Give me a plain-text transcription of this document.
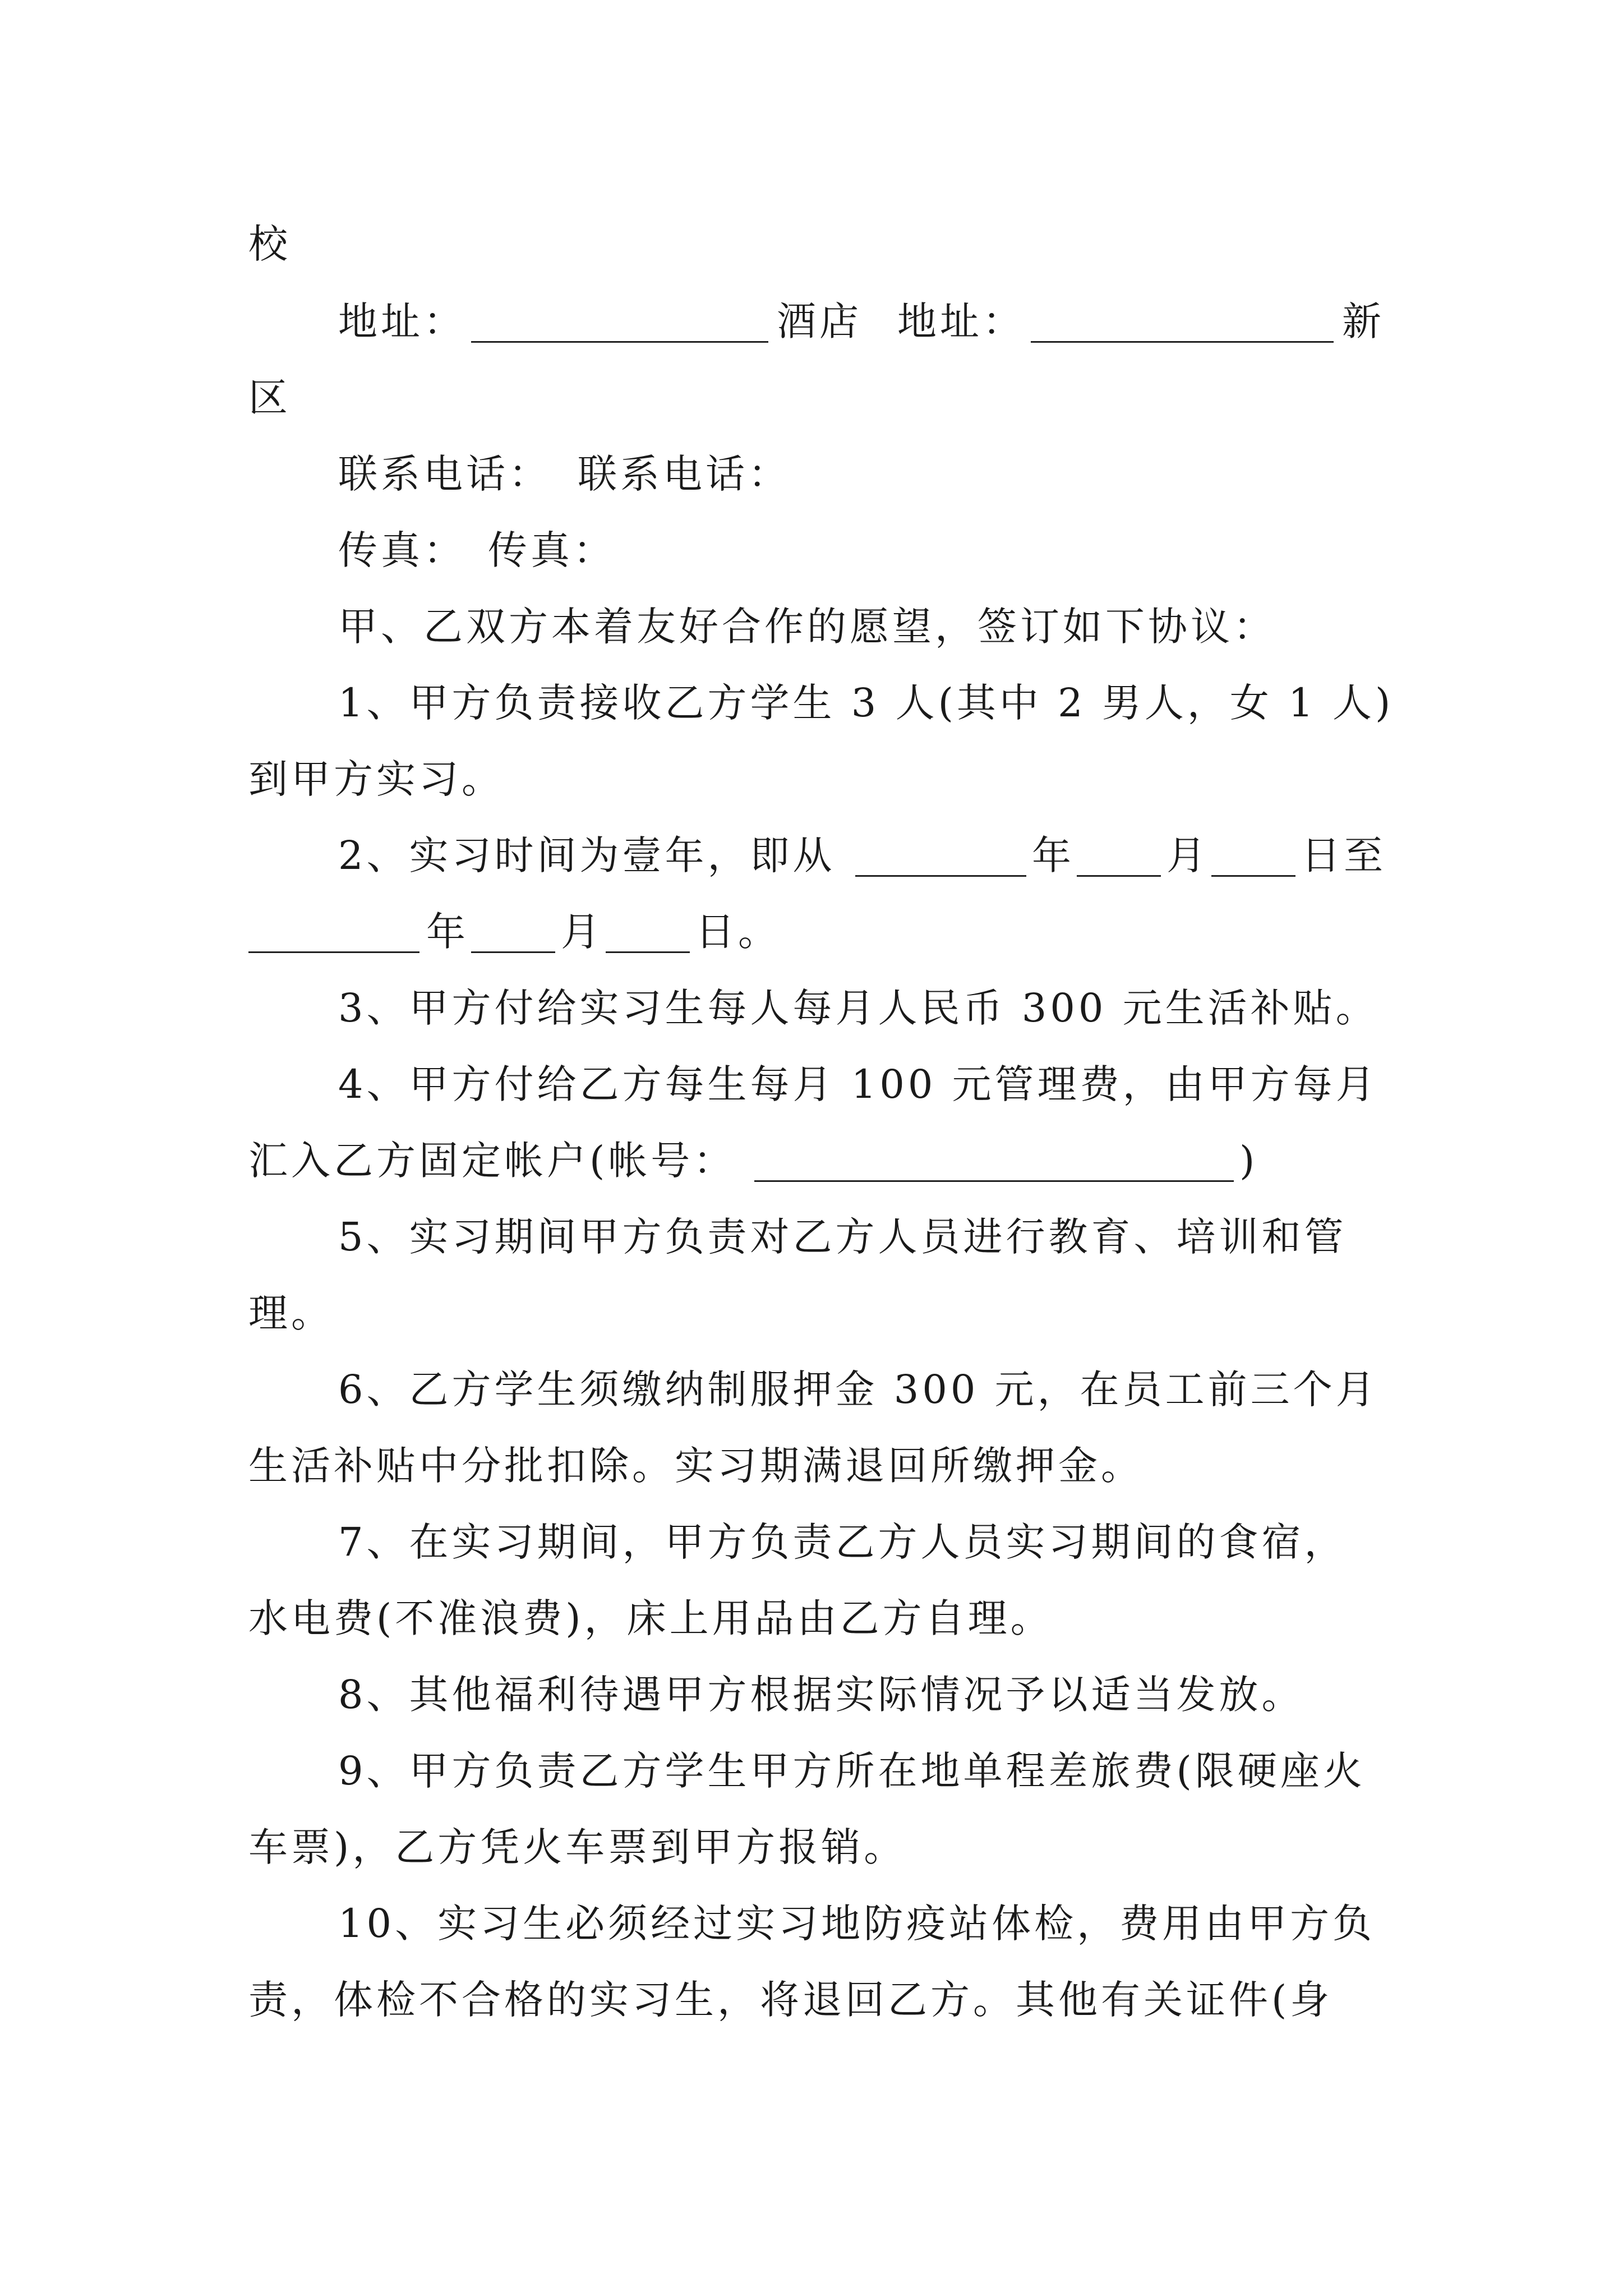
校
地址：	酒店 地址：	新
区
联系电话： 联系电话：
传真： 传真：
甲、乙双方本着友好合作的愿望，签订如下协议：
1、甲方负责接收乙方学生 3 人(其中 2 男人，女 1 人)
到甲方实习。
2、实习时间为壹年，即从	年 月 日至
年 月 日。
3、甲方付给实习生每人每月人民币 300 元生活补贴。
4、甲方付给乙方每生每月 100 元管理费，由甲方每月
汇入乙方固定帐户(帐号：	)
5、实习期间甲方负责对乙方人员进行教育、培训和管
理。
6、乙方学生须缴纳制服押金 300 元，在员工前三个月
生活补贴中分批扣除。实习期满退回所缴押金。
7、在实习期间，甲方负责乙方人员实习期间的食宿，
水电费(不准浪费)，床上用品由乙方自理。
8、其他福利待遇甲方根据实际情况予以适当发放。
9、甲方负责乙方学生甲方所在地单程差旅费(限硬座火
车票)，乙方凭火车票到甲方报销。
10、实习生必须经过实习地防疫站体检，费用由甲方负
责，体检不合格的实习生，将退回乙方。其他有关证件(身
